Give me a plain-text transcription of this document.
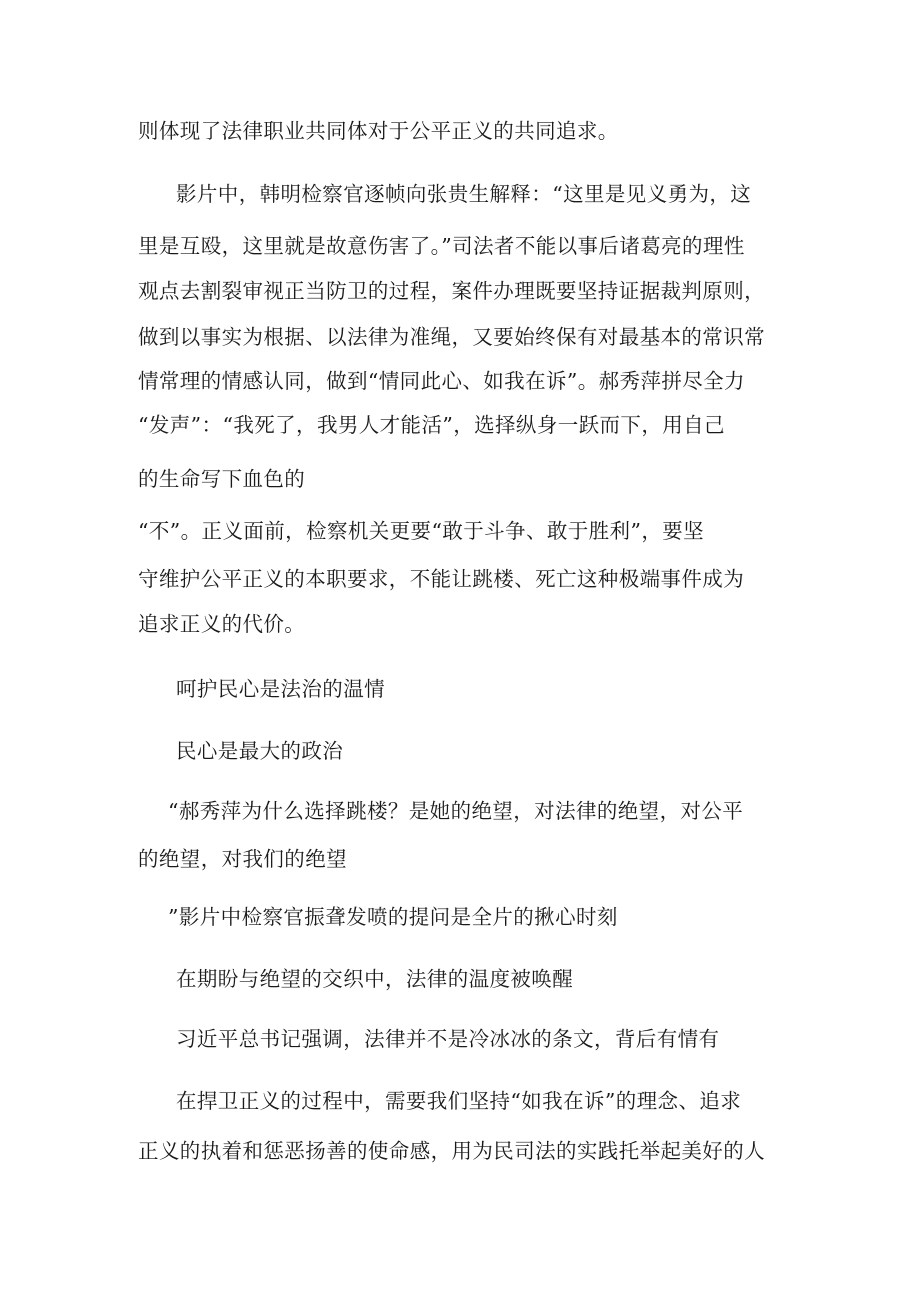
则体现了法律职业共同体对于公平正义的共同追求。
影片中，韩明检察官逐帧向张贵生解释：“这里是见义勇为，这
里是互殴，这里就是故意伤害了。”司法者不能以事后诸葛亮的理性
观点去割裂审视正当防卫的过程，案件办理既要坚持证据裁判原则，
做到以事实为根据、以法律为准绳，又要始终保有对最基本的常识常
情常理的情感认同，做到“情同此心、如我在诉”。郝秀萍拼尽全力
“发声”：“我死了，我男人才能活”，选择纵身一跃而下，用自己
的生命写下血色的
“不”。正义面前，检察机关更要“敢于斗争、敢于胜利”，要坚
守维护公平正义的本职要求，不能让跳楼、死亡这种极端事件成为
追求正义的代价。
呵护民心是法治的温情
民心是最大的政治
“郝秀萍为什么选择跳楼？是她的绝望，对法律的绝望，对公平
的绝望，对我们的绝望
”影片中检察官振聋发喷的提问是全片的揪心时刻
在期盼与绝望的交织中，法律的温度被唤醒
习近平总书记强调，法律并不是冷冰冰的条文，背后有情有
在捍卫正义的过程中，需要我们坚持“如我在诉”的理念、追求
正义的执着和惩恶扬善的使命感，用为民司法的实践托举起美好的人
